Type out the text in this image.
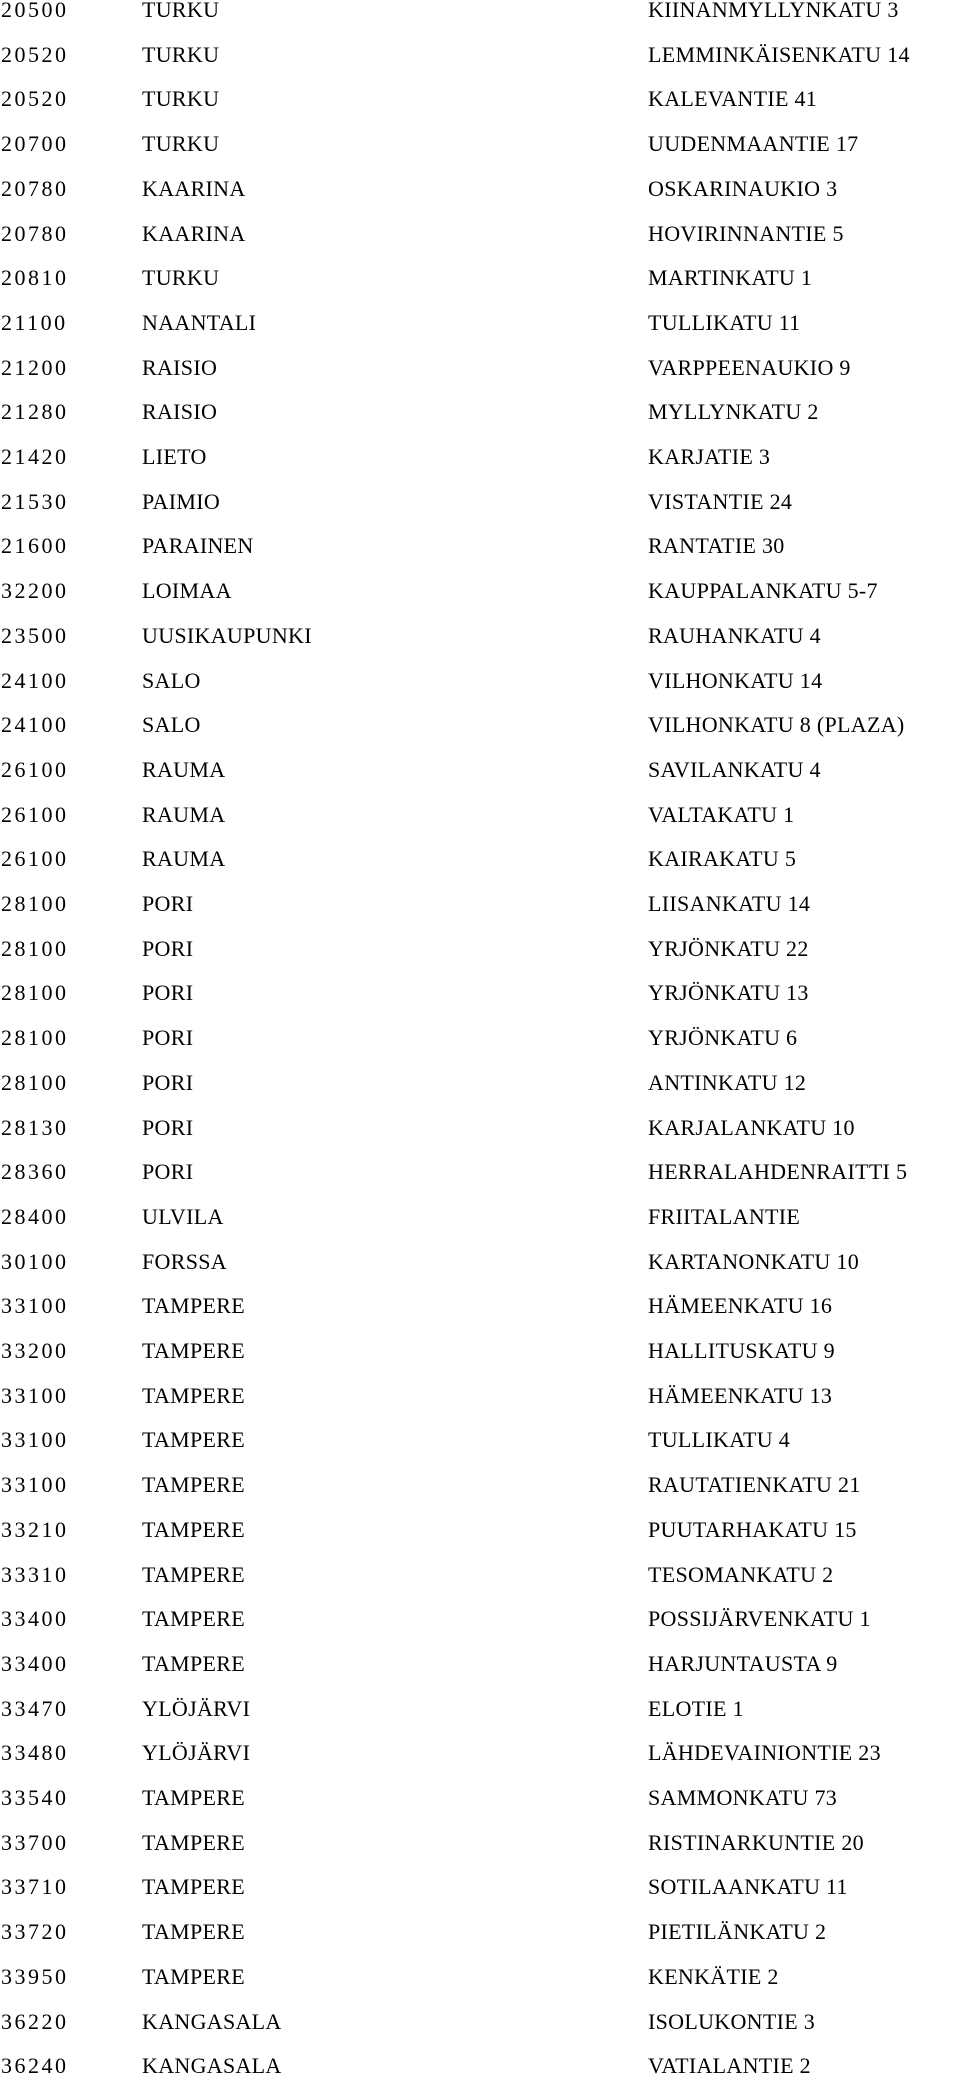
20500	TURKU	KIINANMYLLYNKATU 3
20520	TURKU	LEMMINKÄISENKATU 14
20520	TURKU	KALEVANTIE 41
20700	TURKU	UUDENMAANTIE 17
20780	KAARINA	OSKARINAUKIO 3
20780	KAARINA	HOVIRINNANTIE 5
20810	TURKU	MARTINKATU 1
21100	NAANTALI	TULLIKATU 11
21200	RAISIO	VARPPEENAUKIO 9
21280	RAISIO	MYLLYNKATU 2
21420	LIETO	KARJATIE 3
21530	PAIMIO	VISTANTIE 24
21600	PARAINEN	RANTATIE 30
32200	LOIMAA	KAUPPALANKATU 5-7
23500	UUSIKAUPUNKI	RAUHANKATU 4
24100	SALO	VILHONKATU 14
24100	SALO	VILHONKATU 8 (PLAZA)
26100	RAUMA	SAVILANKATU 4
26100	RAUMA	VALTAKATU 1
26100	RAUMA	KAIRAKATU 5
28100	PORI	LIISANKATU 14
28100	PORI	YRJÖNKATU 22
28100	PORI	YRJÖNKATU 13
28100	PORI	YRJÖNKATU 6
28100	PORI	ANTINKATU 12
28130	PORI	KARJALANKATU 10
28360	PORI	HERRALAHDENRAITTI 5
28400	ULVILA	FRIITALANTIE
30100	FORSSA	KARTANONKATU 10
33100	TAMPERE	HÄMEENKATU 16
33200	TAMPERE	HALLITUSKATU 9
33100	TAMPERE	HÄMEENKATU 13
33100	TAMPERE	TULLIKATU 4
33100	TAMPERE	RAUTATIENKATU 21
33210	TAMPERE	PUUTARHAKATU 15
33310	TAMPERE	TESOMANKATU 2
33400	TAMPERE	POSSIJÄRVENKATU 1
33400	TAMPERE	HARJUNTAUSTA 9
33470	YLÖJÄRVI	ELOTIE 1
33480	YLÖJÄRVI	LÄHDEVAINIONTIE 23
33540	TAMPERE	SAMMONKATU 73
33700	TAMPERE	RISTINARKUNTIE 20
33710	TAMPERE	SOTILAANKATU 11
33720	TAMPERE	PIETILÄNKATU 2
33950	TAMPERE	KENKÄTIE 2
36220	KANGASALA	ISOLUKONTIE 3
36240	KANGASALA	VATIALANTIE 2
